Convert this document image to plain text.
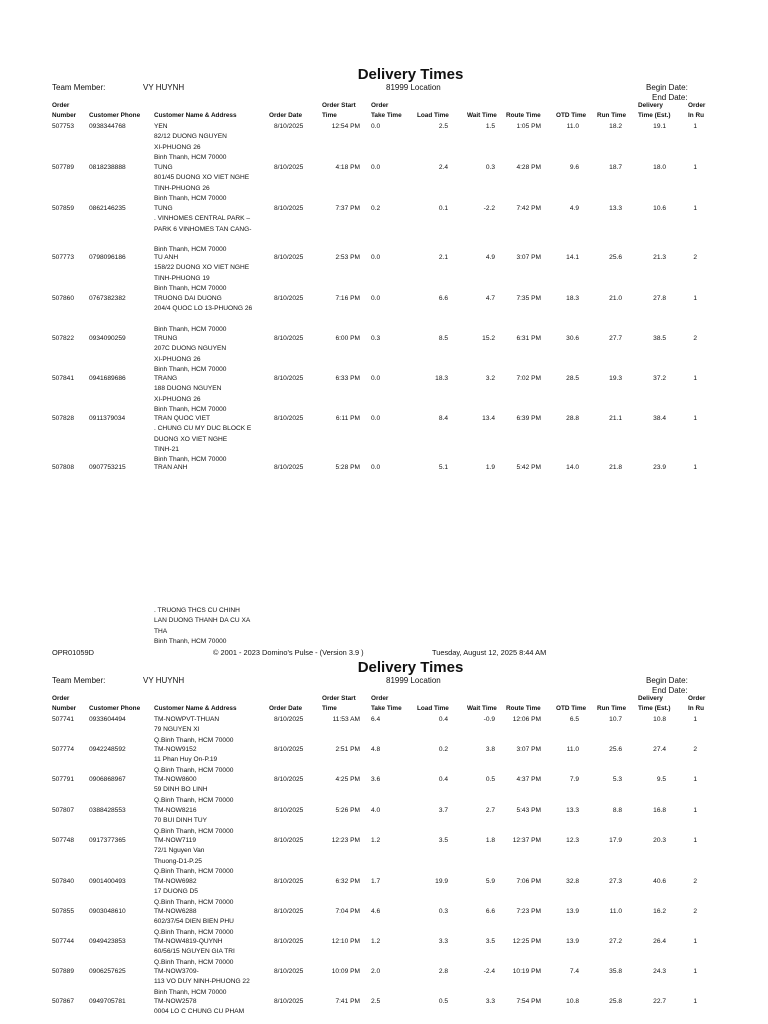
Delivery Times
Team Member:	VY HUYNH	81999 Location	Begin Date:
End Date:
Order
Number Customer Phone Customer Name & Address	Order Date
Order Start
Time
Order
Take Time Load Time	Wait Time Route Time OTD Time Run Time
Delivery
Time (Est.)
Order
In Ru
507753 0938344768	YEN
82/12 DUONG NGUYEN
XI-PHUONG 26
Binh Thanh, HCM 70000
8/10/2025	12:54 PM 0.0	2.5	1.5	1:05 PM	11.0	18.2	19.1	1
507789 0818238888	TUNG
801/45 DUONG XO VIET NGHE
TINH-PHUONG 26
Binh Thanh, HCM 70000
8/10/2025	4:18 PM 0.0	2.4	0.3	4:28 PM	9.6	18.7	18.0	1
507859 0862146235	TUNG
. VINHOMES CENTRAL PARK –
PARK 6 VINHOMES TAN CANG-

Binh Thanh, HCM 70000
8/10/2025	7:37 PM 0.2	0.1	-2.2	7:42 PM	4.9	13.3	10.6	1
507773 0798096186	TU ANH
158/22 DUONG XO VIET NGHE
TINH-PHUONG 19
Binh Thanh, HCM 70000
8/10/2025	2:53 PM 0.0	2.1	4.9	3:07 PM	14.1	25.6	21.3	2
507860 0767382382	TRUONG DAI DUONG
204/4 QUOC LO 13-PHUONG 26

Binh Thanh, HCM 70000
8/10/2025	7:16 PM 0.0	6.6	4.7	7:35 PM	18.3	21.0	27.8	1
507822 0934090259	TRUNG
207C DUONG NGUYEN
XI-PHUONG 26
Binh Thanh, HCM 70000
8/10/2025	6:00 PM 0.3	8.5	15.2	6:31 PM	30.6	27.7	38.5	2
507841 0941689686	TRANG
188 DUONG NGUYEN
XI-PHUONG 26
Binh Thanh, HCM 70000
8/10/2025	6:33 PM 0.0	18.3	3.2	7:02 PM	28.5	19.3	37.2	1
507828 0911379034	TRAN QUOC VIET
. CHUNG CU MY DUC BLOCK E
DUONG XO VIET NGHE
TINH-21
Binh Thanh, HCM 70000
8/10/2025	6:11 PM 0.0	8.4	13.4	6:39 PM	28.8	21.1	38.4	1
507808 0907753215	TRAN ANH	8/10/2025	5:28 PM 0.0	5.1	1.9	5:42 PM	14.0	21.8	23.9	1
. TRUONG THCS CU CHINH
LAN DUONG THANH DA CU XA
THA
Binh Thanh, HCM 70000
OPR01059D	© 2001 - 2023 Domino's Pulse - (Version 3.9 )	Tuesday, August 12, 2025 8:44 AM
Delivery Times
Team Member:	VY HUYNH	81999 Location	Begin Date:
End Date:
Order
Number Customer Phone Customer Name & Address	Order Date
Order Start
Time
Order
Take Time Load Time	Wait Time Route Time OTD Time Run Time
Delivery
Time (Est.)
Order
In Ru
507741 0933604494	TM-NOWPVT-THUAN
79 NGUYEN XI
Q.Binh Thanh, HCM 70000
8/10/2025	11:53 AM 6.4	0.4	-0.9	12:06 PM	6.5	10.7	10.8	1
507774 0942248592	TM-NOW9152
11 Phan Huy On-P.19
Q.Binh Thanh, HCM 70000
8/10/2025	2:51 PM 4.8	0.2	3.8	3:07 PM	11.0	25.6	27.4	2
507791 0906868967	TM-NOW8600
59 DINH BO LINH
Q.Binh Thanh, HCM 70000
8/10/2025	4:25 PM 3.6	0.4	0.5	4:37 PM	7.9	5.3	9.5	1
507807 0388428553	TM-NOW8216
70 BUI DINH TUY
Q.Binh Thanh, HCM 70000
8/10/2025	5:26 PM 4.0	3.7	2.7	5:43 PM	13.3	8.8	16.8	1
507748 0917377365	TM-NOW7119
72/1 Nguyen Van
Thuong-D1-P.25
Q.Binh Thanh, HCM 70000
8/10/2025	12:23 PM 1.2	3.5	1.8	12:37 PM	12.3	17.9	20.3	1
507840 0901400493	TM-NOW6982
17 DUONG D5
Q.Binh Thanh, HCM 70000
8/10/2025	6:32 PM 1.7	19.9	5.9	7:06 PM	32.8	27.3	40.6	2
507855 0903048610	TM-NOW6288
602/37/54 DIEN BIEN PHU
Q.Binh Thanh, HCM 70000
8/10/2025	7:04 PM 4.6	0.3	6.6	7:23 PM	13.9	11.0	16.2	2
507744 0949423853	TM-NOW4819-QUYNH
60/56/15 NGUYEN GIA TRI
Q.Binh Thanh, HCM 70000
8/10/2025	12:10 PM 1.2	3.3	3.5	12:25 PM	13.9	27.2	26.4	1
507889 0906257625	TM-NOW3709-
113 VO DUY NINH-PHUONG 22
Binh Thanh, HCM 70000
8/10/2025	10:09 PM 2.0	2.8	-2.4	10:19 PM	7.4	35.8	24.3	1
507867 0949705781	TM-NOW2578
0004 LO C CHUNG CU PHAM
8/10/2025	7:41 PM 2.5	0.5	3.3	7:54 PM	10.8	25.8	22.7	1
